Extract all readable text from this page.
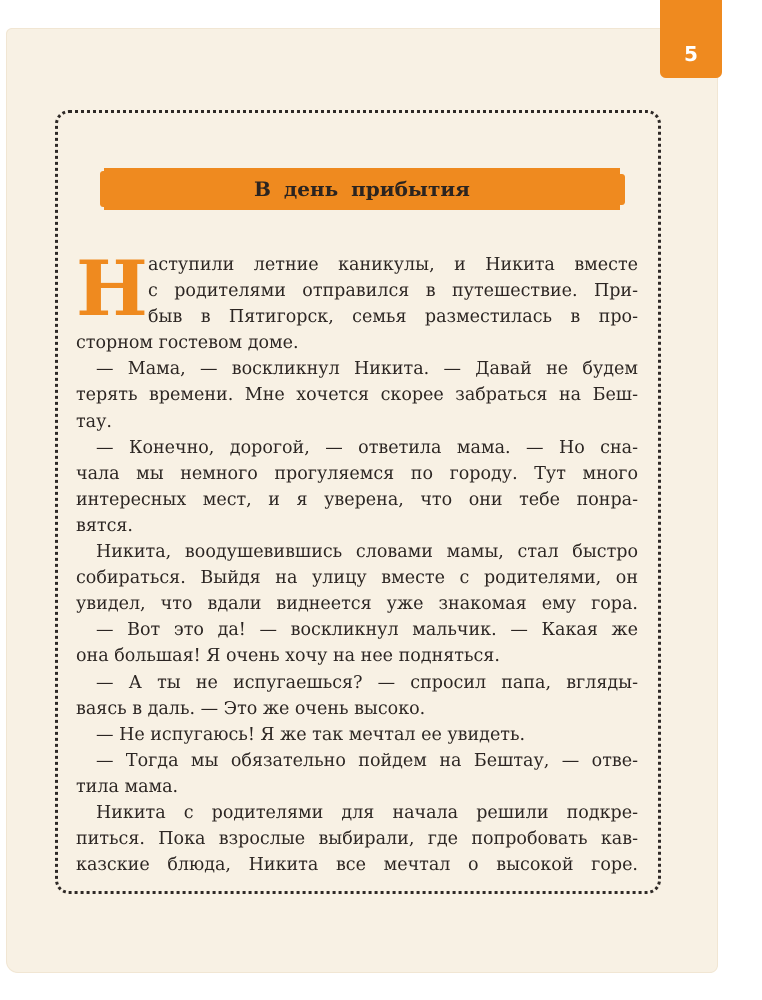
5
В день прибытия
Н аступили летние каникулы, и Никита вместе
с родителями отправился в путешествие. При-
быв в Пятигорск, семья разместилась в про-
сторном гостевом доме.
— Мама, — воскликнул Никита. — Давай не будем
терять времени. Мне хочется скорее забраться на Беш-
тау.
— Конечно, дорогой, — ответила мама. — Но сна-
чала мы немного прогуляемся по городу. Тут много
интересных мест, и я уверена, что они тебе понра-
вятся.
Никита, воодушевившись словами мамы, стал быстро
собираться. Выйдя на улицу вместе с родителями, он
увидел, что вдали виднеется уже знакомая ему гора.
— Вот это да! — воскликнул мальчик. — Какая же
она большая! Я очень хочу на нее подняться.
— А ты не испугаешься? — спросил папа, вгляды-
ваясь в даль. — Это же очень высоко.
— Не испугаюсь! Я же так мечтал ее увидеть.
— Тогда мы обязательно пойдем на Бештау, — отве-
тила мама.
Никита с родителями для начала решили подкре-
питься. Пока взрослые выбирали, где попробовать кав-
казские блюда, Никита все мечтал о высокой горе.
